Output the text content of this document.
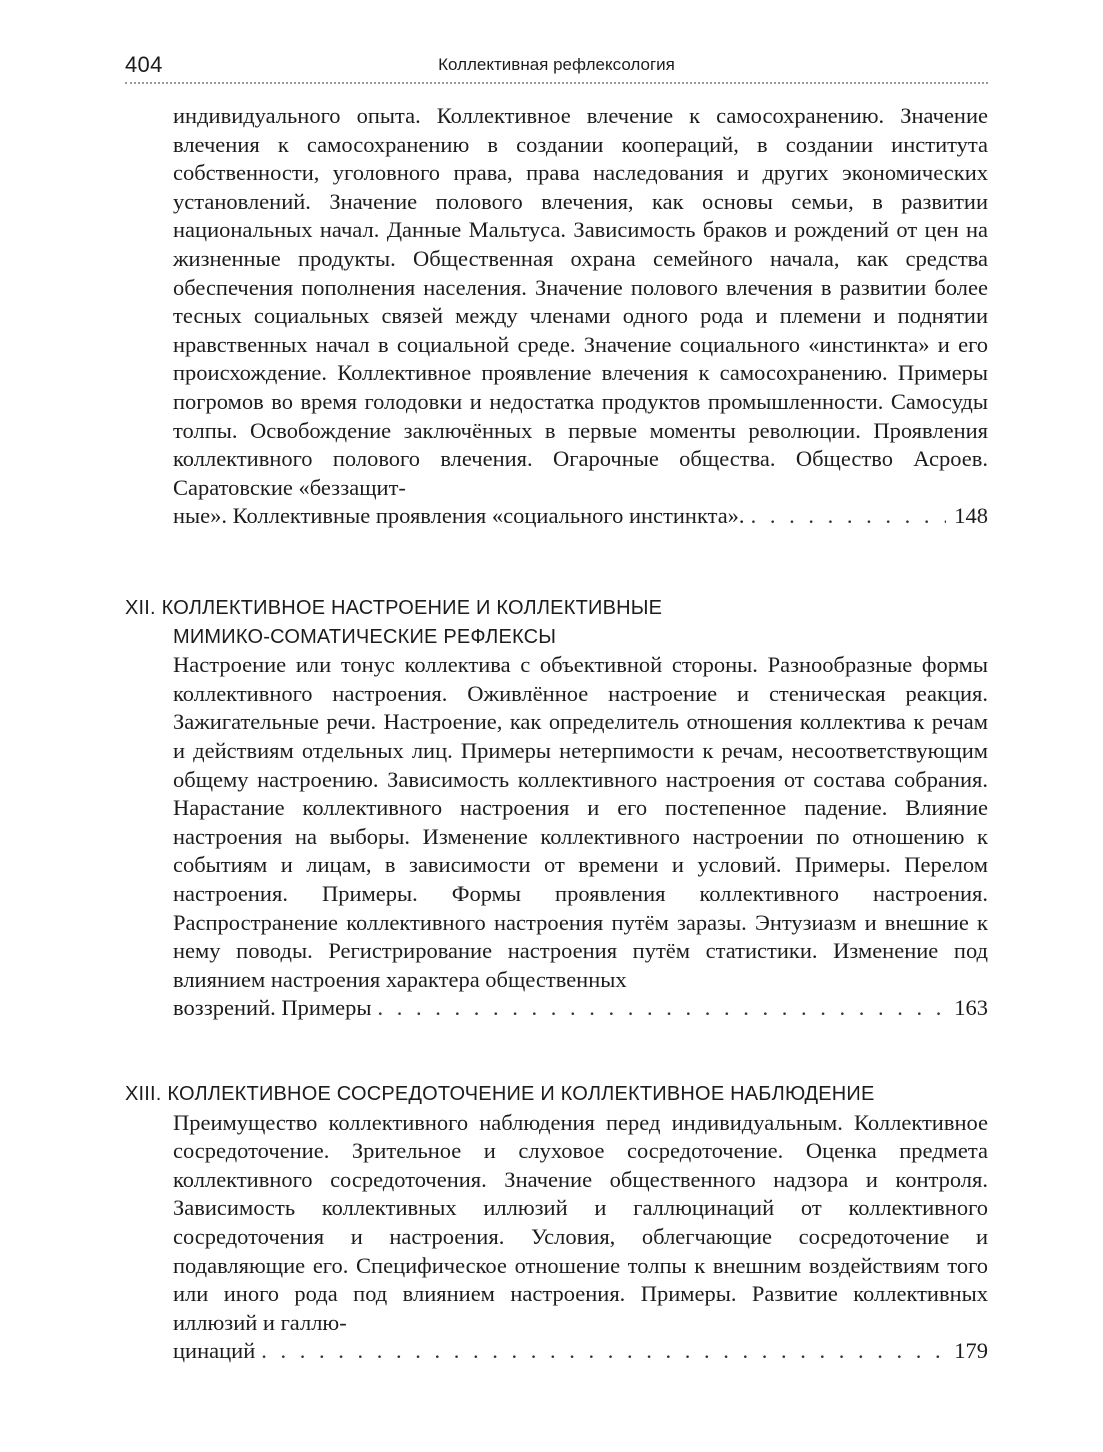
404	Коллективная рефлексология

индивидуального опыта. Коллективное влечение к самосохранению. Значение влечения к самосохранению в создании коопераций, в создании института собственности, уголовного права, права наследования и других экономических установлений. Значение полового влечения, как основы семьи, в развитии национальных начал. Данные Мальтуса. Зависимость браков и рождений от цен на жизненные продукты. Общественная охрана семейного начала, как средства обеспечения пополнения населения. Значение полового влечения в развитии более тесных социальных связей между членами одного рода и племени и поднятии нравственных начал в социальной среде. Значение социального «инстинкта» и его происхождение. Коллективное проявление влечения к самосохранению. Примеры погромов во время голодовки и недостатка продуктов промышленности. Самосуды толпы. Освобождение заключённых в первые моменты революции. Проявления коллективного полового влечения. Огарочные общества. Общество Асроев. Саратовские «беззащит-

ные». Коллективные проявления «социального инстинкта». . . .	148
XII. КОЛЛЕКТИВНОЕ НАСТРОЕНИЕ И КОЛЛЕКТИВНЫЕ
МИМИКО-СОМАТИЧЕСКИЕ РЕФЛЕКСЫ

Настроение или тонус коллектива с объективной стороны. Разнообразные формы коллективного настроения. Оживлённое настроение и стеническая реакция. Зажигательные речи. Настроение, как определитель отношения коллектива к речам и действиям отдельных лиц. Примеры нетерпимости к речам, несоответствующим общему настроению. Зависимость коллективного настроения от состава собрания. Нарастание коллективного настроения и его постепенное падение. Влияние настроения на выборы. Изменение коллективного настроении по отношению к событиям и лицам, в зависимости от времени и условий. Примеры. Перелом настроения. Примеры. Формы проявления коллективного настроения. Распространение коллективного настроения путём заразы. Энтузиазм и внешние к нему поводы. Регистрирование настроения путём статистики. Изменение под влиянием настроения характера общественных

воззрений. Примеры . . .	163
XIII. КОЛЛЕКТИВНОЕ СОСРЕДОТОЧЕНИЕ И КОЛЛЕКТИВНОЕ НАБЛЮДЕНИЕ

Преимущество коллективного наблюдения перед индивидуальным. Коллективное сосредоточение. Зрительное и слуховое сосредоточение. Оценка предмета коллективного сосредоточения. Значение общественного надзора и контроля. Зависимость коллективных иллюзий и галлюцинаций от коллективного сосредоточения и настроения. Условия, облегчающие сосредоточение и подавляющие его. Специфическое отношение толпы к внешним воздействиям того или иного рода под влиянием настроения. Примеры. Развитие коллективных иллюзий и галлю-

цинаций . . .	179
